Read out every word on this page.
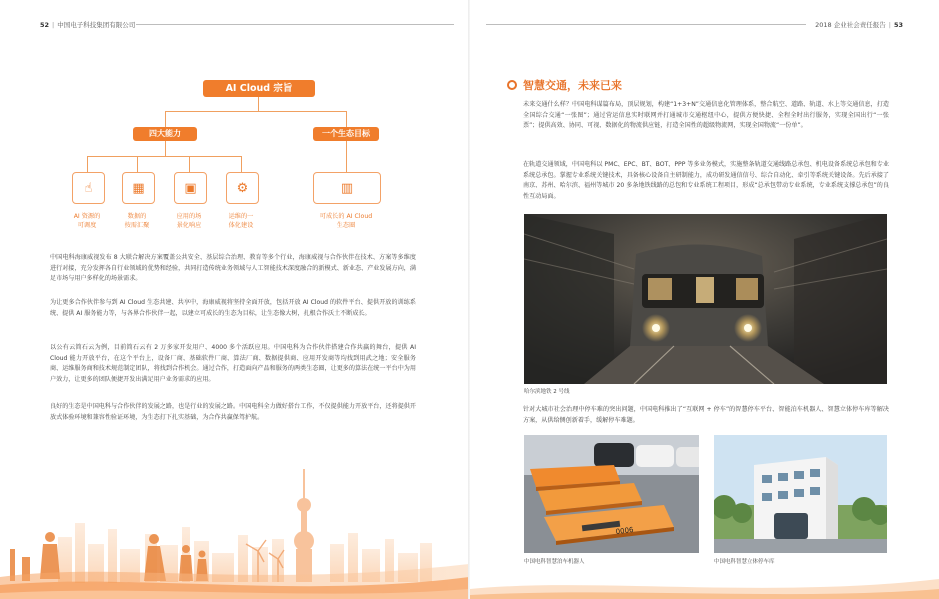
52 | 中国电子科技集团有限公司
AI Cloud 宗旨
四大能力	一个生态目标
☝	▦	▣	⚙	▥
AI 资源的
可调度
数据的
按需汇聚
应用的场
景化响应
运维的一
体化建设
可成长的 AI Cloud
生态圈

中国电科海康威视发布 8 大联合解决方案覆盖公共安全、基层综合治理、教育等多个行业，海康威视与合作伙伴在技术、方案等多维度进行对接，充分发挥各自行业领域的优势和经验，共同打造传统业务领域与人工智能技术深度融合的新模式、新业态、产业发展方向，满足市场与用户多样化的场景需求。

为让更多合作伙伴参与到 AI Cloud 生态共建、共享中，海康威视将坚持全面开放，包括开放 AI Cloud 的软件平台、提供开放的训练系统、提供 AI 服务能力等，与各界合作伙伴一起，以建立可成长的生态为目标，让生态像大树，扎根合作沃土不断成长。

以公有云简石云为例，目前简石云有 2 万多家开发用户、4000 多个活跃应用。中国电科为合作伙伴搭建合作共赢的舞台，提供 AI Cloud 能力开放平台，在这个平台上，设备厂商、基础软件厂商、算法厂商、数据提供商、应用开发商等均找到用武之地；安全服务商、运维服务商和技术规范制定团队，将找到合作机会。通过合作，打造面向产品和服务的两类生态圈，让更多的算法在统一平台中为用户效力，让更多的团队便捷开发出满足用户业务需求的应用。

良好的生态是中国电科与合作伙伴的发展之路，也是行业的发展之路。中国电科全力做好搭台工作，不仅提供能力开放平台，还将提供开放式体验环境和兼容性验证环境，为生态打下扎实基础，为合作共赢保驾护航。

2018 企业社会责任报告 | 53
智慧交通，未来已来

未来交通什么样？中国电科谋篇布局，顶层规划，构建“1+3+N”交通信息化管理体系，整合航空、道路、轨道、水上等交通信息，打造全国综合交通“一张图”；通过营运信息实时联网并打通城市交通枢纽中心，提供方便快捷、全程全时出行服务，实现全国出行“一张票”；提供高效、协同、可视、数据化的物流供应链，打造全国性的超级物流网，实现全国物流“一份单”。

在轨道交通领域，中国电科以 PMC、EPC、BT、BOT、PPP 等多业务模式，实施整条轨道交通线路总承包、机电设备系统总承包和专业系统总承包。掌握专业系统关键技术，具备核心设备自主研制能力，成功研发通信信号、综合自动化、牵引等系统关键设备。先后承接了南京、苏州、哈尔滨、福州等城市 20 多条地铁线路的总包和专业系统工程项目，形成“总承包带动专业系统，专业系统支撑总承包”的良性互动局面。

哈尔滨地铁 2 号线

针对大城市社会治理中停车难的突出问题，中国电科推出了“互联网 + 停车”的智慧停车平台、智能泊车机器人、智慧立体停车库等解决方案，从供给侧创新着手，缓解停车难题。

0006
中国电科智慧泊车机器人	中国电科智慧立体停车库
